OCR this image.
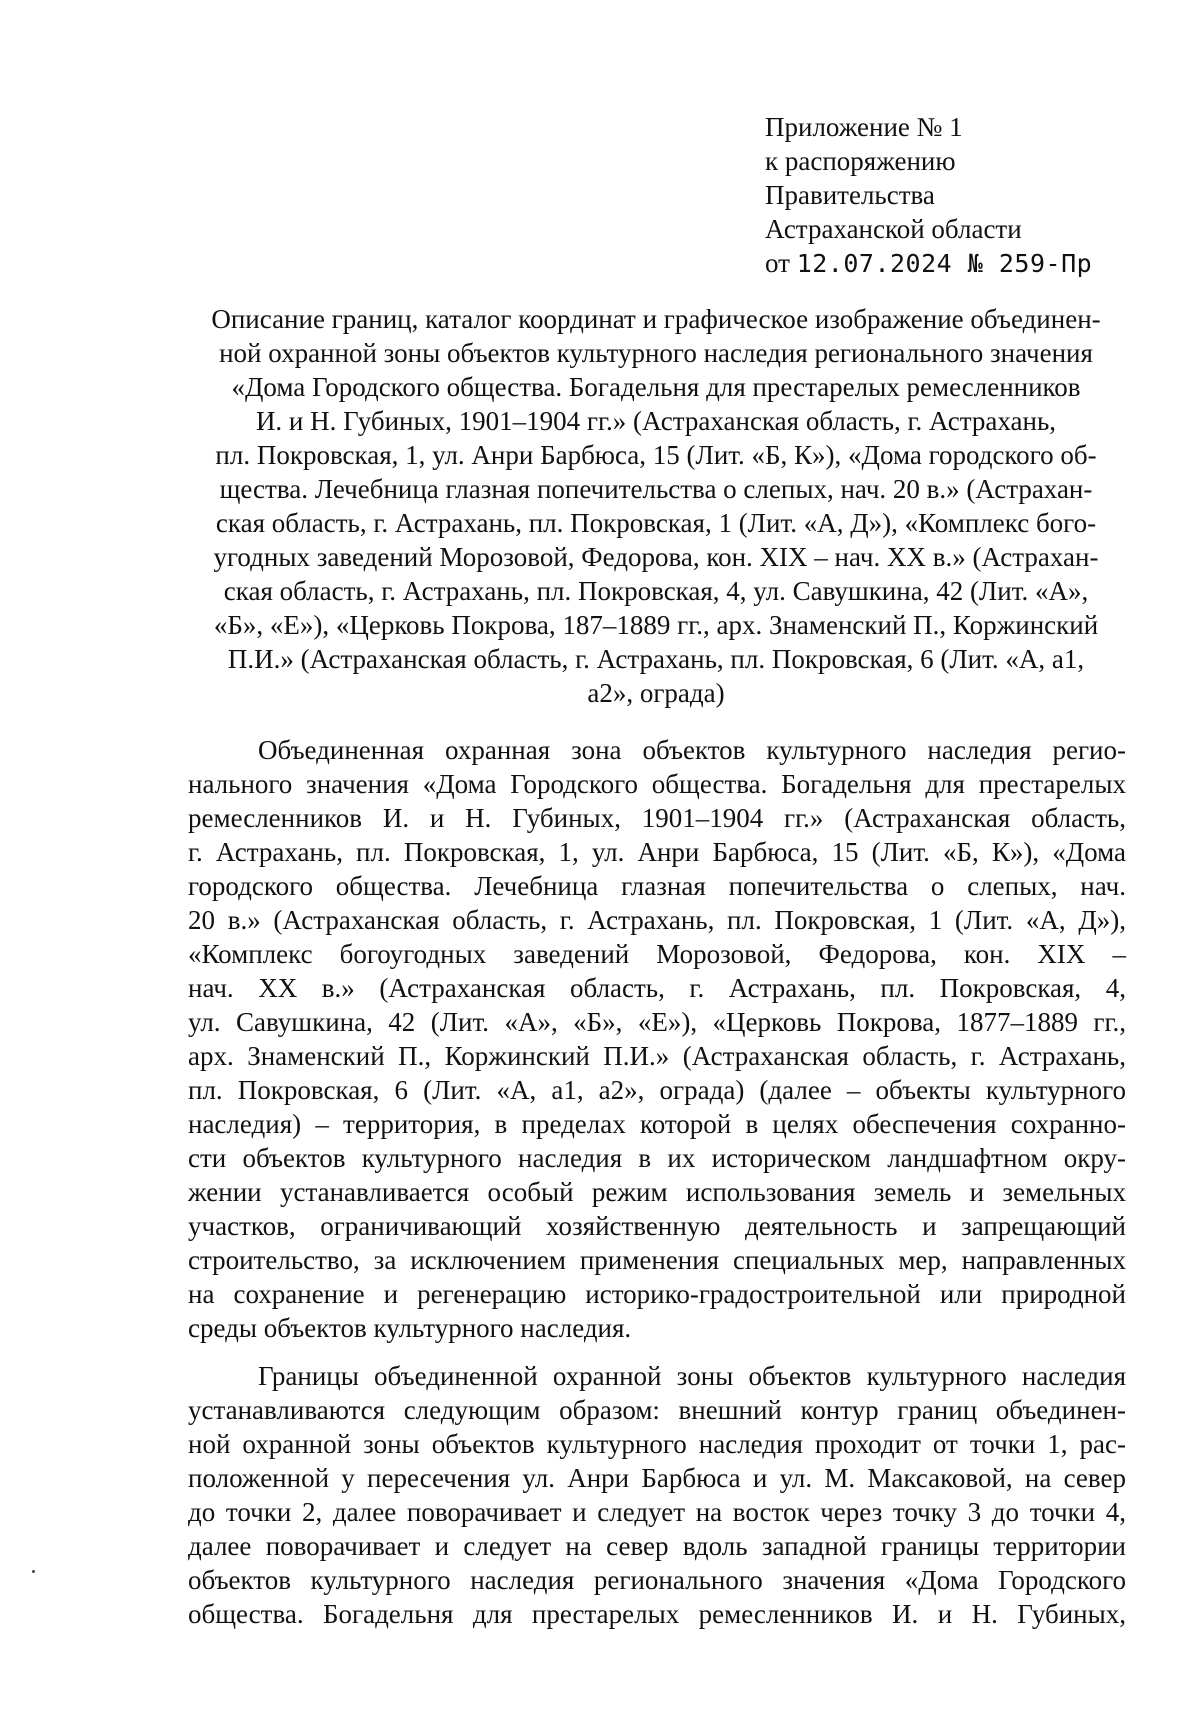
Приложение № 1
к распоряжению
Правительства
Астраханской области
от 12.07.2024 № 259-Пр
Описание границ, каталог координат и графическое изображение объединен-
ной охранной зоны объектов культурного наследия регионального значения
«Дома Городского общества. Богадельня для престарелых ремесленников
И. и Н. Губиных, 1901–1904 гг.» (Астраханская область, г. Астрахань,
пл. Покровская, 1, ул. Анри Барбюса, 15 (Лит. «Б, К»), «Дома городского об-
щества. Лечебница глазная попечительства о слепых, нач. 20 в.» (Астрахан-
ская область, г. Астрахань, пл. Покровская, 1 (Лит. «А, Д»), «Комплекс бого-
угодных заведений Морозовой, Федорова, кон. XIX – нач. XX в.» (Астрахан-
ская область, г. Астрахань, пл. Покровская, 4, ул. Савушкина, 42 (Лит. «А»,
«Б», «Е»), «Церковь Покрова, 187–1889 гг., арх. Знаменский П., Коржинский
П.И.» (Астраханская область, г. Астрахань, пл. Покровская, 6 (Лит. «А, а1,
а2», ограда)
Объединенная охранная зона объектов культурного наследия регио-
нального значения «Дома Городского общества. Богадельня для престарелых
ремесленников И. и Н. Губиных, 1901–1904 гг.» (Астраханская область,
г. Астрахань, пл. Покровская, 1, ул. Анри Барбюса, 15 (Лит. «Б, К»), «Дома
городского общества. Лечебница глазная попечительства о слепых, нач.
20 в.» (Астраханская область, г. Астрахань, пл. Покровская, 1 (Лит. «А, Д»),
«Комплекс богоугодных заведений Морозовой, Федорова, кон. XIX –
нач. XX в.» (Астраханская область, г. Астрахань, пл. Покровская, 4,
ул. Савушкина, 42 (Лит. «А», «Б», «Е»), «Церковь Покрова, 1877–1889 гг.,
арх. Знаменский П., Коржинский П.И.» (Астраханская область, г. Астрахань,
пл. Покровская, 6 (Лит. «А, а1, а2», ограда) (далее – объекты культурного
наследия) – территория, в пределах которой в целях обеспечения сохранно-
сти объектов культурного наследия в их историческом ландшафтном окру-
жении устанавливается особый режим использования земель и земельных
участков, ограничивающий хозяйственную деятельность и запрещающий
строительство, за исключением применения специальных мер, направленных
на сохранение и регенерацию историко-градостроительной или природной
среды объектов культурного наследия.
Границы объединенной охранной зоны объектов культурного наследия
устанавливаются следующим образом: внешний контур границ объединен-
ной охранной зоны объектов культурного наследия проходит от точки 1, рас-
положенной у пересечения ул. Анри Барбюса и ул. М. Максаковой, на север
до точки 2, далее поворачивает и следует на восток через точку 3 до точки 4,
далее поворачивает и следует на север вдоль западной границы территории
объектов культурного наследия регионального значения «Дома Городского
общества. Богадельня для престарелых ремесленников И. и Н. Губиных,
